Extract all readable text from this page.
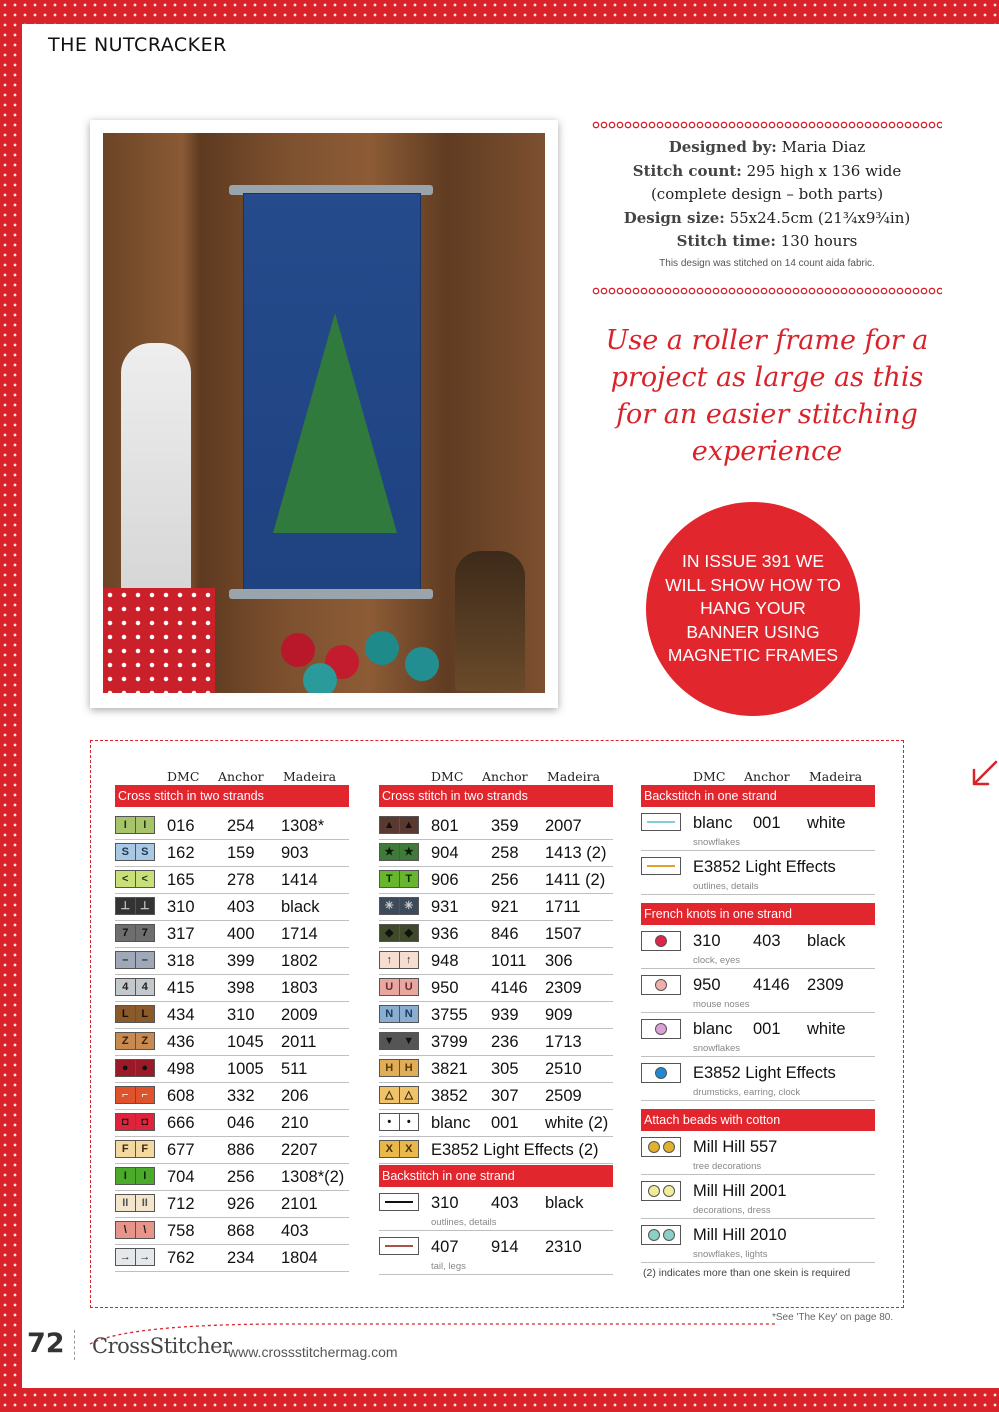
THE NUTCRACKER
Designed by: Maria Diaz
Stitch count: 295 high x 136 wide
(complete design – both parts)
Design size: 55x24.5cm (21¾x9¾in)
Stitch time: 130 hours
This design was stitched on 14 count aida fabric.
Use a roller frame for a project as large as this for an easier stitching experience
IN ISSUE 391 WE WILL SHOW HOW TO HANG YOUR BANNER USING MAGNETIC FRAMES
DMC Anchor Madeira
Cross stitch in two strands
I	I	016 254 1308*
S	S	162 159 903
<	<	165 278 1414
⊥ ⊥ 310 403 black
7	7	317 400 1714
–	–	318 399 1802
4	4	415 398 1803
L	L	434 310 2009
Z	Z	436 1045 2011
●	●	498 1005 511
⌐	⌐	608 332 206
◘	◘	666 046 210
F	F	677 886 2207
I	I	704 256 1308*(2)
II	II	712 926 2101
\	\	758 868 403
→ → 762 234 1804
DMC Anchor Madeira
Cross stitch in two strands
▲ ▲ 801 359 2007
★ ★ 904 258 1413 (2)
T	T	906 256 1411 (2)
✳ ✳ 931 921 1711
◆	◆	936 846 1507
↑	↑	948 1011 306
U	U	950 4146 2309
N	N	3755 939 909
▼ ▼ 3799 236 1713
H	H	3821 305 2510
△	△	3852 307 2509
•	•	blanc 001 white (2)
X	X	E3852 Light Effects (2)
Backstitch in one strand
310 403 black
outlines, details
407 914 2310
tail, legs
DMC Anchor Madeira
Backstitch in one strand
blanc 001 white
snowflakes
E3852 Light Effects
outlines, details
French knots in one strand
310 403 black
clock, eyes
950 4146 2309
mouse noses
blanc 001 white
snowflakes
E3852 Light Effects
drumsticks, earring, clock
Attach beads with cotton
Mill Hill 557
tree decorations
Mill Hill 2001
decorations, dress
Mill Hill 2010
snowflakes, lights
(2) indicates more than one skein is required
*See 'The Key' on page 80.
72 CrossStitcher
www.crossstitchermag.com
